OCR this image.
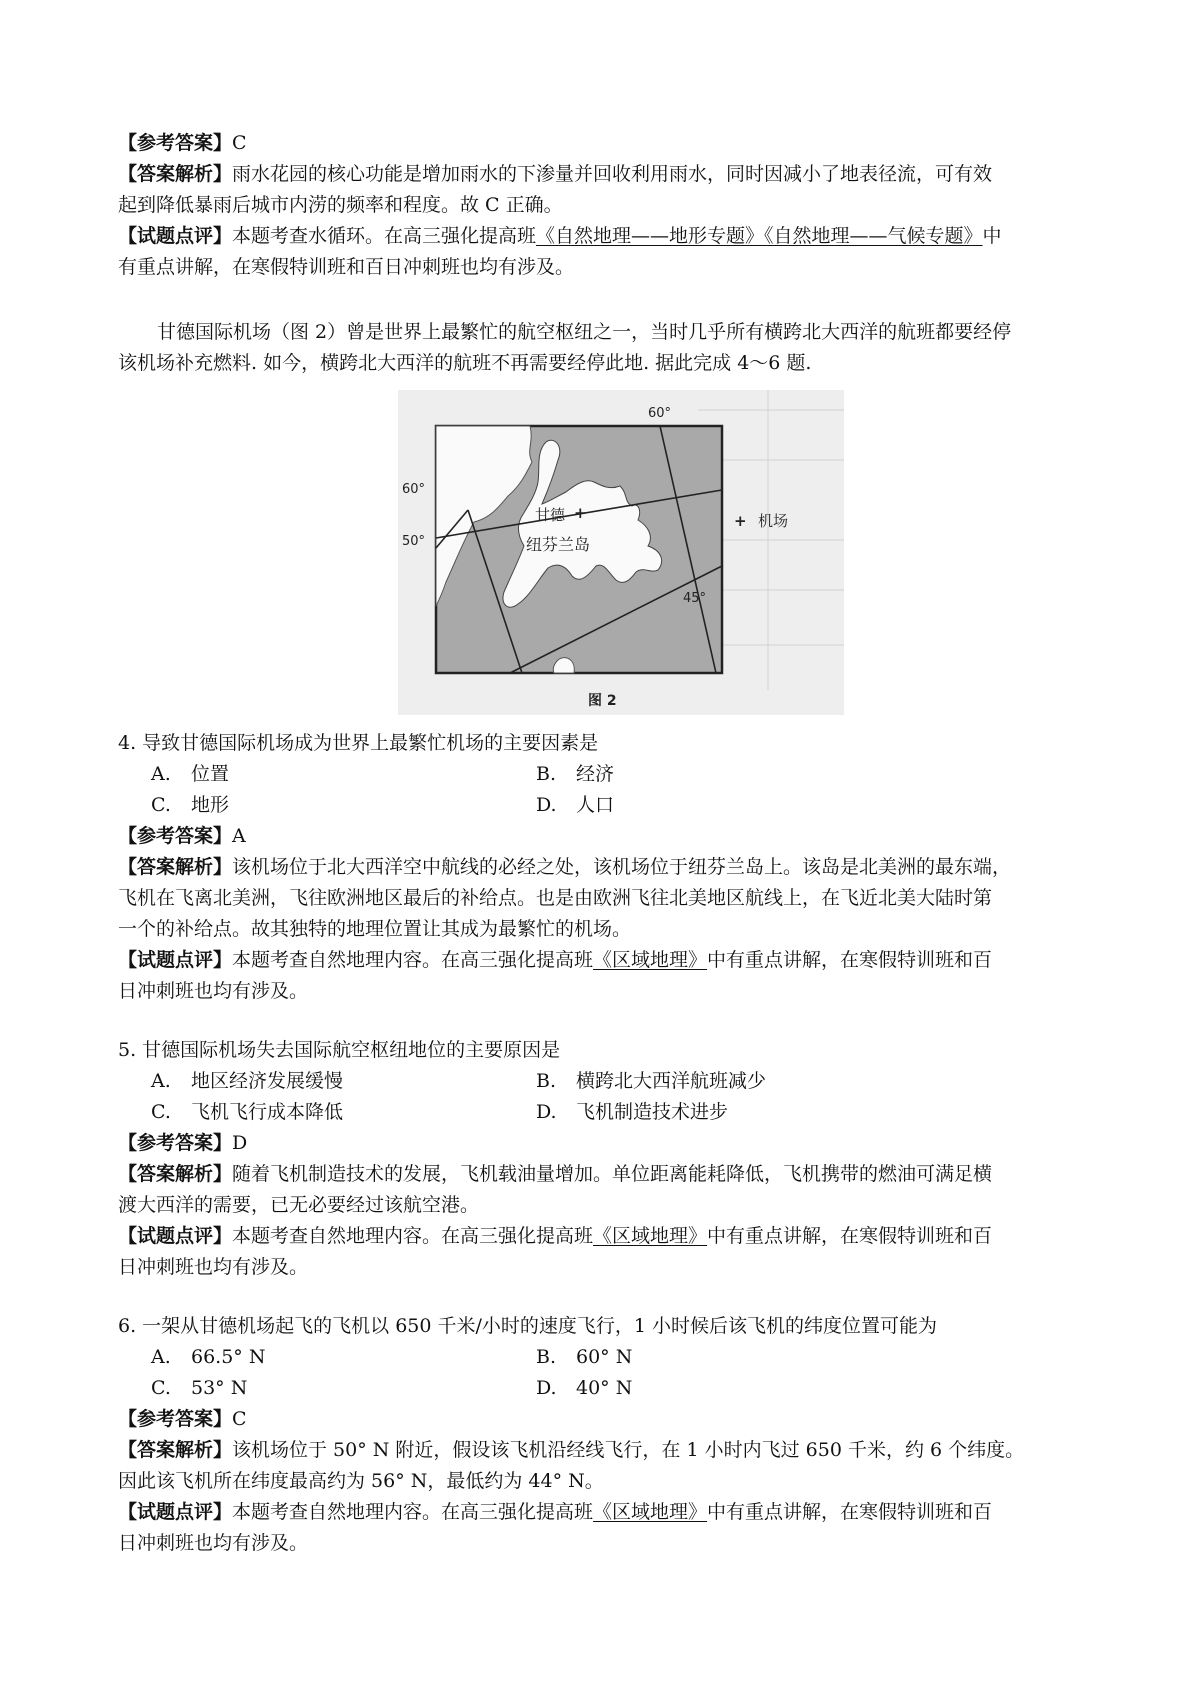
【参考答案】C
【答案解析】雨水花园的核心功能是增加雨水的下渗量并回收利用雨水，同时因减小了地表径流，可有效
起到降低暴雨后城市内涝的频率和程度。故 C 正确。
【试题点评】本题考查水循环。在高三强化提高班《自然地理——地形专题》《自然地理——气候专题》中
有重点讲解，在寒假特训班和百日冲刺班也均有涉及。
甘德国际机场（图 2）曾是世界上最繁忙的航空枢纽之一，当时几乎所有横跨北大西洋的航班都要经停
该机场补充燃料. 如今，横跨北大西洋的航班不再需要经停此地. 据此完成 4～6 题.
60°
60°
50°
45°
甘德 +
纽芬兰岛
+ 机场
图 2
4. 导致甘德国际机场成为世界上最繁忙机场的主要因素是
A. 位置	B. 经济
C. 地形	D. 人口
【参考答案】A
【答案解析】该机场位于北大西洋空中航线的必经之处，该机场位于纽芬兰岛上。该岛是北美洲的最东端，
飞机在飞离北美洲，飞往欧洲地区最后的补给点。也是由欧洲飞往北美地区航线上，在飞近北美大陆时第
一个的补给点。故其独特的地理位置让其成为最繁忙的机场。
【试题点评】本题考查自然地理内容。在高三强化提高班《区域地理》中有重点讲解，在寒假特训班和百
日冲刺班也均有涉及。
5. 甘德国际机场失去国际航空枢纽地位的主要原因是
A. 地区经济发展缓慢	B. 横跨北大西洋航班减少
C. 飞机飞行成本降低	D. 飞机制造技术进步
【参考答案】D
【答案解析】随着飞机制造技术的发展，飞机载油量增加。单位距离能耗降低，飞机携带的燃油可满足横
渡大西洋的需要，已无必要经过该航空港。
【试题点评】本题考查自然地理内容。在高三强化提高班《区域地理》中有重点讲解，在寒假特训班和百
日冲刺班也均有涉及。
6. 一架从甘德机场起飞的飞机以 650 千米/小时的速度飞行，1 小时候后该飞机的纬度位置可能为
A. 66.5° N	B. 60° N
C. 53° N	D. 40° N
【参考答案】C
【答案解析】该机场位于 50° N 附近，假设该飞机沿经线飞行，在 1 小时内飞过 650 千米，约 6 个纬度。
因此该飞机所在纬度最高约为 56° N，最低约为 44° N。
【试题点评】本题考查自然地理内容。在高三强化提高班《区域地理》中有重点讲解，在寒假特训班和百
日冲刺班也均有涉及。
